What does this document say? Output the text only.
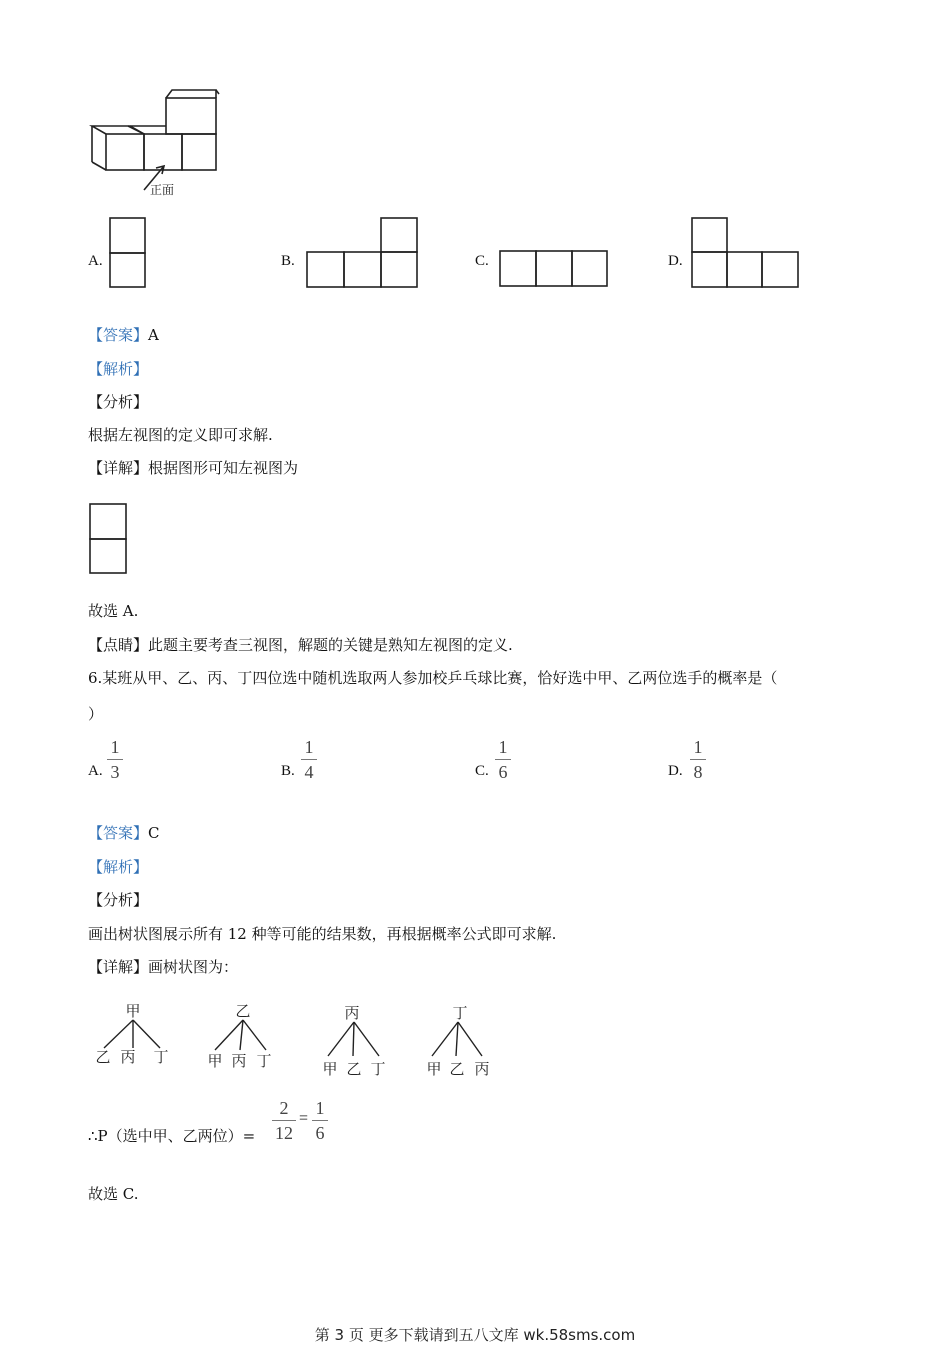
正面
A.	B.	C.	D.
【答案】A
【解析】
【分析】
根据左视图的定义即可求解.
【详解】根据图形可知左视图为
故选 A.
【点睛】此题主要考查三视图，解题的关键是熟知左视图的定义.
6.某班从甲、乙、丙、丁四位选中随机选取两人参加校乒乓球比赛，恰好选中甲、乙两位选手的概率是（
）
A.
1
3	B.
1
4	C.
1
6	D.
1
8
【答案】C
【解析】
【分析】
画出树状图展示所有 12 种等可能的结果数，再根据概率公式即可求解.
【详解】画树状图为：
甲
乙 丙 丁
乙
甲 丙 丁
丙
甲 乙 丁
丁
甲 乙 丙
∴P（选中甲、乙两位）=
2
12
=
1
6
故选 C.
第 3 页 更多下载请到五八文库 wk.58sms.com
